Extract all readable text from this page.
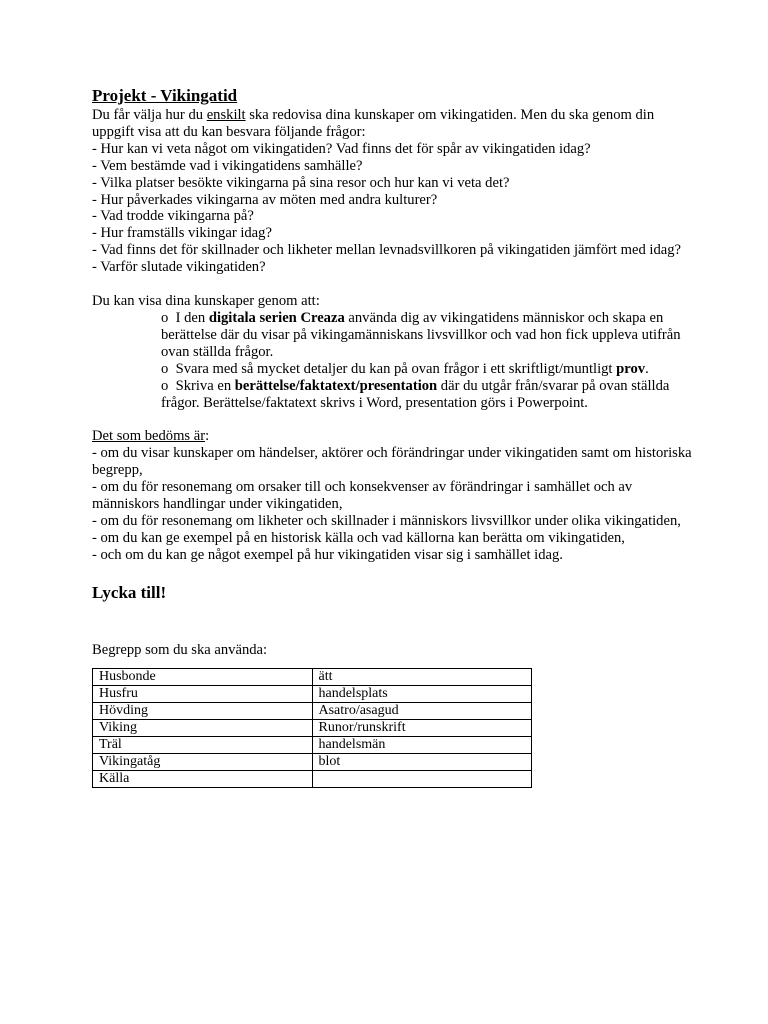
Projekt - Vikingatid

Du får välja hur du enskilt ska redovisa dina kunskaper om vikingatiden. Men du ska genom din uppgift visa att du kan besvara följande frågor:

- Hur kan vi veta något om vikingatiden? Vad finns det för spår av vikingatiden idag?

- Vem bestämde vad i vikingatidens samhälle?

- Vilka platser besökte vikingarna på sina resor och hur kan vi veta det?

- Hur påverkades vikingarna av möten med andra kulturer?

- Vad trodde vikingarna på?

- Hur framställs vikingar idag?

- Vad finns det för skillnader och likheter mellan levnadsvillkoren på vikingatiden jämfört med idag?

- Varför slutade vikingatiden?

Du kan visa dina kunskaper genom att:

o I den digitala serien Creaza använda dig av vikingatidens människor och skapa en berättelse där du visar på vikingamänniskans livsvillkor och vad hon fick uppleva utifrån ovan ställda frågor.
o Svara med så mycket detaljer du kan på ovan frågor i ett skriftligt/muntligt prov.
o Skriva en berättelse/faktatext/presentation där du utgår från/svarar på ovan ställda frågor. Berättelse/faktatext skrivs i Word, presentation görs i Powerpoint.

Det som bedöms är:

- om du visar kunskaper om händelser, aktörer och förändringar under vikingatiden samt om historiska begrepp,

- om du för resonemang om orsaker till och konsekvenser av förändringar i samhället och av människors handlingar under vikingatiden,

- om du för resonemang om likheter och skillnader i människors livsvillkor under olika vikingatiden,

- om du kan ge exempel på en historisk källa och vad källorna kan berätta om vikingatiden,

- och om du kan ge något exempel på hur vikingatiden visar sig i samhället idag.

Lycka till!

Begrepp som du ska använda:

Husbonde	ätt
Husfru	handelsplats
Hövding	Asatro/asagud
Viking	Runor/runskrift
Träl	handelsmän
Vikingatåg	blot
Källa	
